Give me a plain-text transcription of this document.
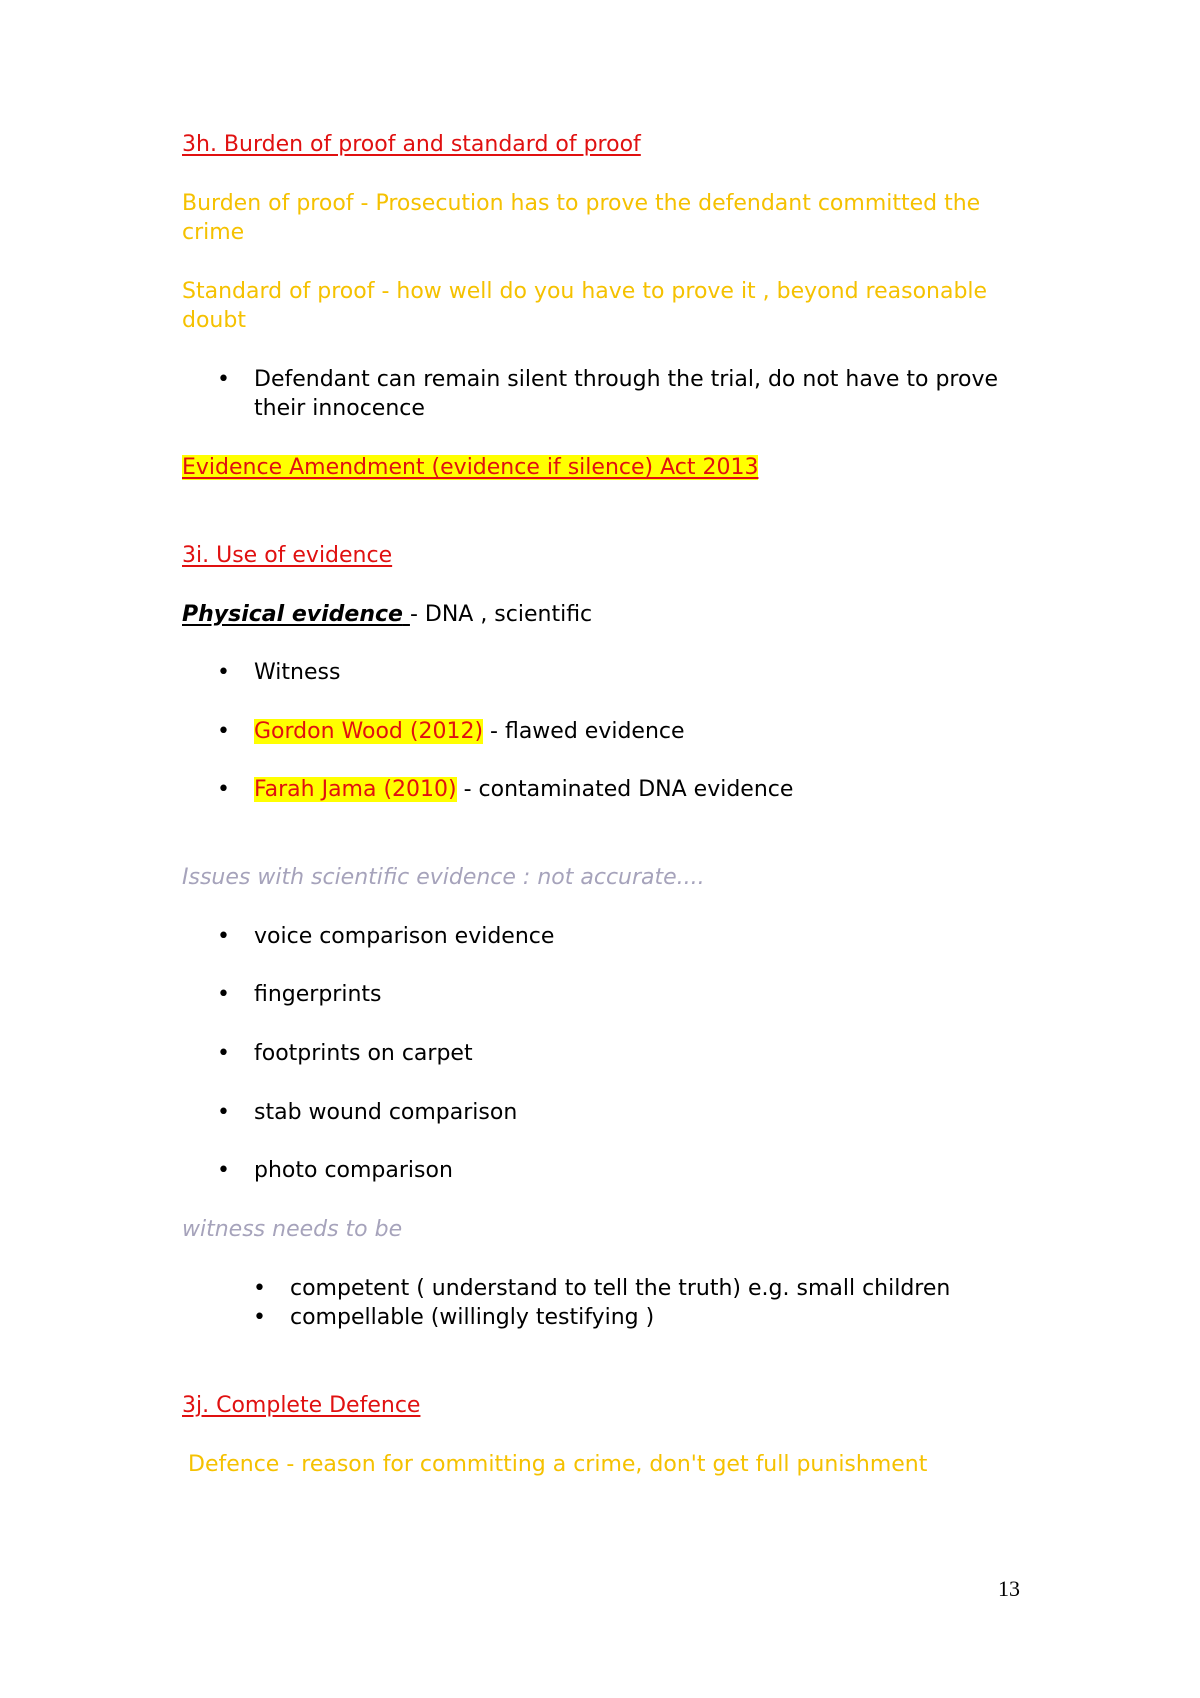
3h. Burden of proof and standard of proof
Burden of proof - Prosecution has to prove the defendant committed the
crime
Standard of proof - how well do you have to prove it , beyond reasonable
doubt
• Defendant can remain silent through the trial, do not have to prove
their innocence
Evidence Amendment (evidence if silence) Act 2013
3i. Use of evidence
Physical evidence - DNA , scientific
• Witness
• Gordon Wood (2012) - flawed evidence
• Farah Jama (2010) - contaminated DNA evidence
Issues with scientific evidence : not accurate....
• voice comparison evidence
• fingerprints
• footprints on carpet
• stab wound comparison
• photo comparison
witness needs to be
• competent ( understand to tell the truth) e.g. small children
• compellable (willingly testifying )
3j. Complete Defence
Defence - reason for committing a crime, don't get full punishment
13
